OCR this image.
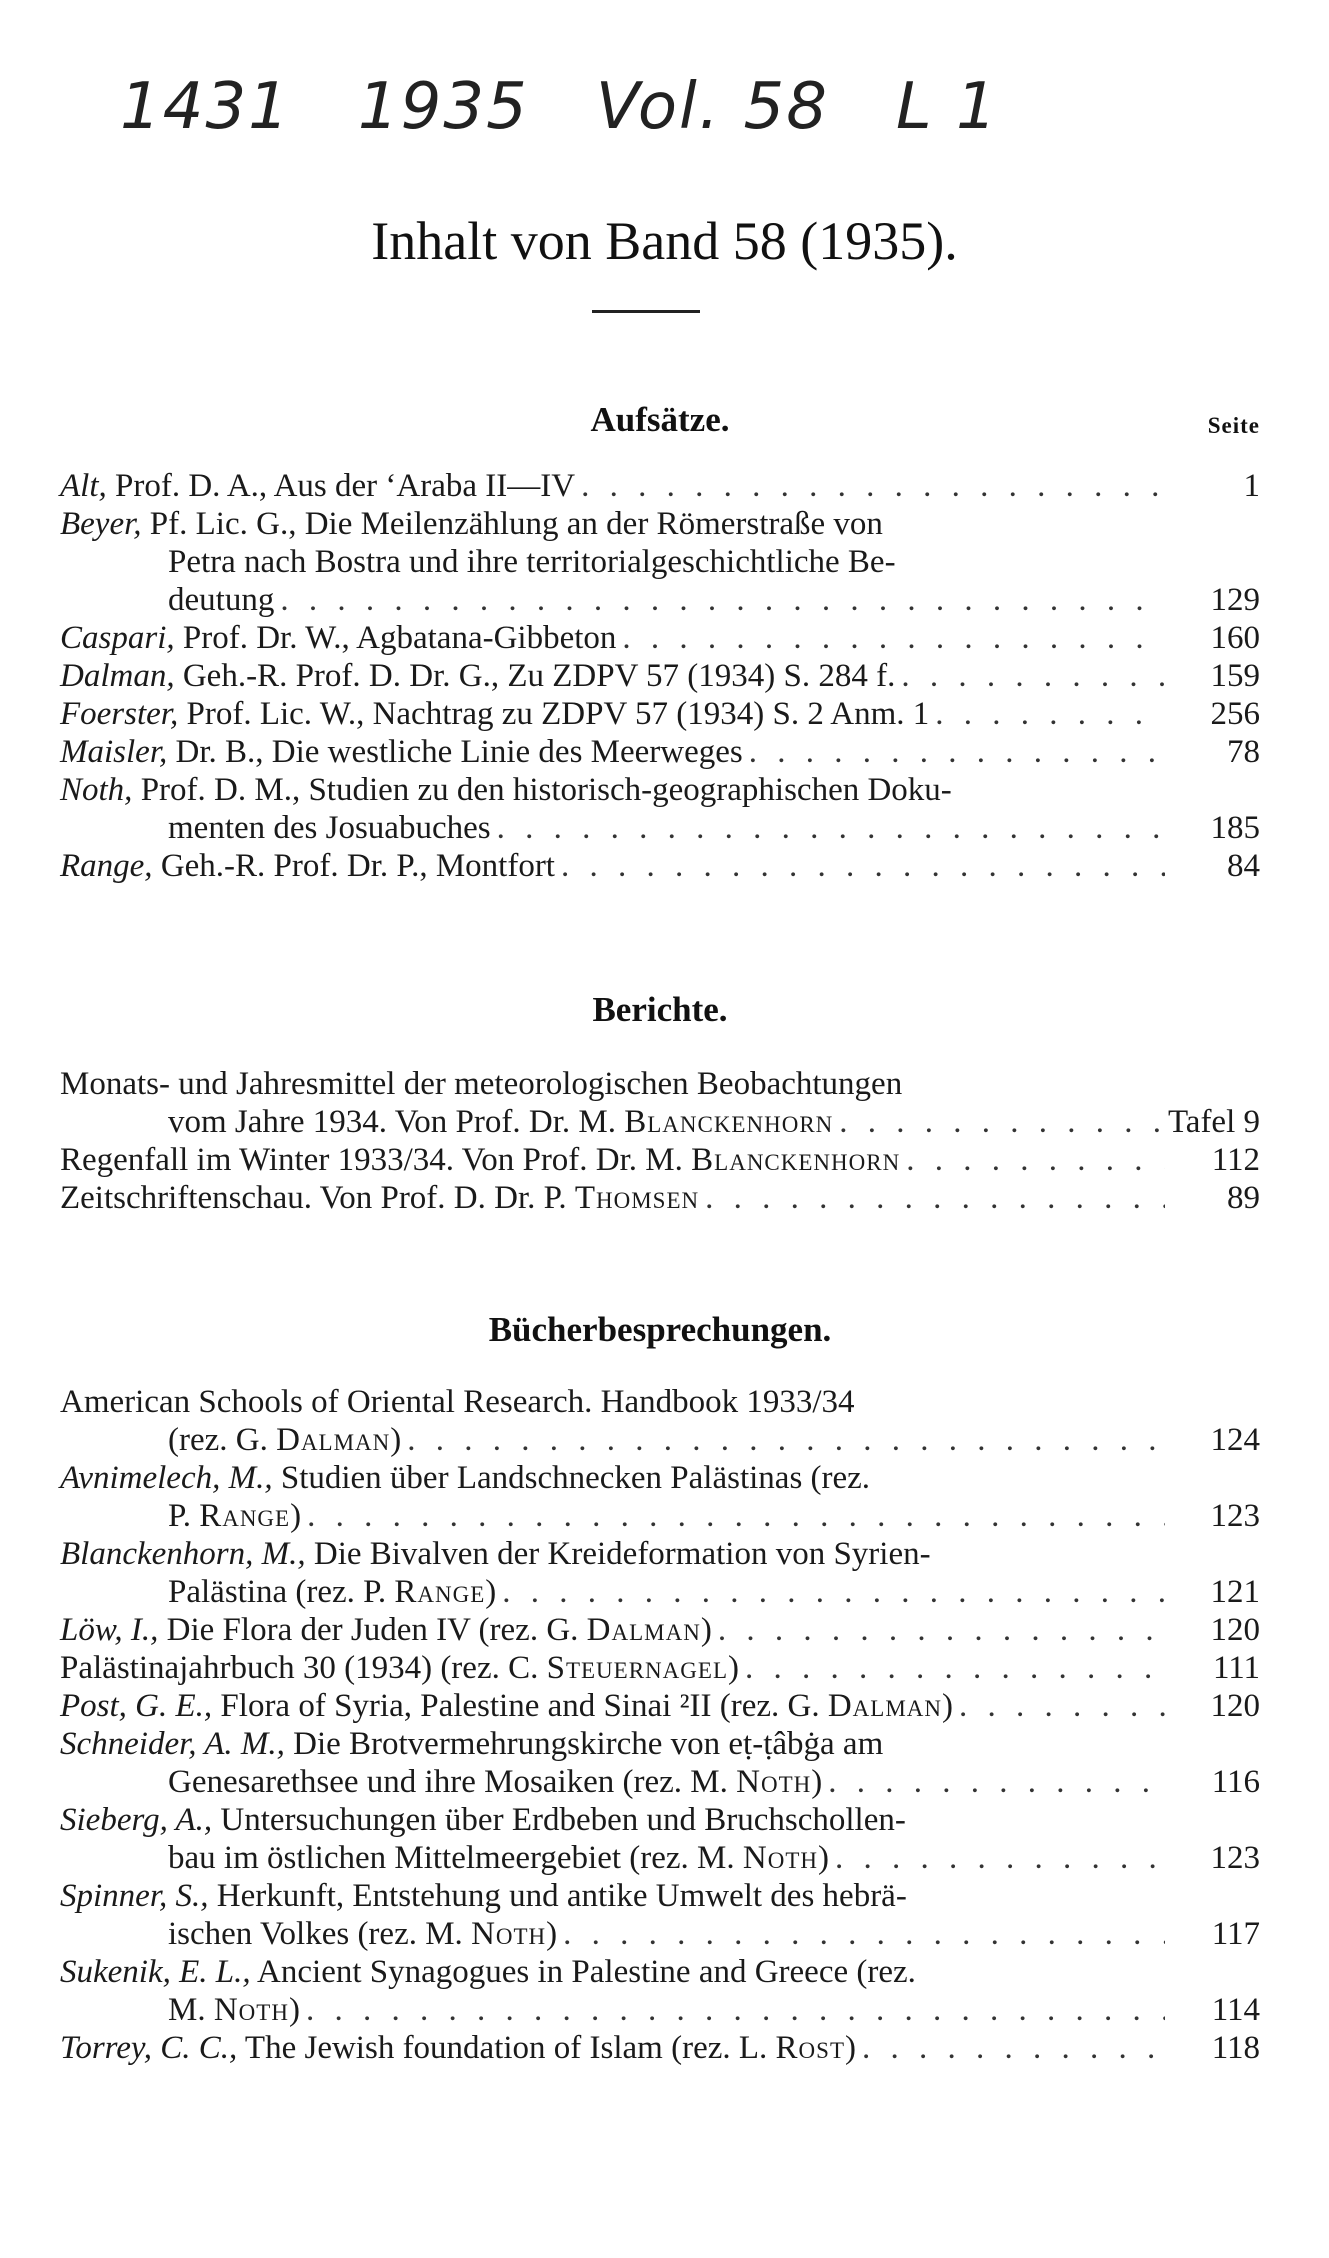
1431   1935   Vol. 58   L 1
Inhalt von Band 58 (1935).
Aufsätze.	Seite
Alt, Prof. D. A., Aus der ʻAraba II—IV . . .	1
Beyer, Pf. Lic. G., Die Meilenzählung an der Römerstraße von
Petra nach Bostra und ihre territorialgeschichtliche Be-
deutung . . .	129
Caspari, Prof. Dr. W., Agbatana-Gibbeton . . .	160
Dalman, Geh.-R. Prof. D. Dr. G., Zu ZDPV 57 (1934) S. 284 f. . . .	159
Foerster, Prof. Lic. W., Nachtrag zu ZDPV 57 (1934) S. 2 Anm. 1 . . .	256
Maisler, Dr. B., Die westliche Linie des Meerweges . . .	78
Noth, Prof. D. M., Studien zu den historisch-geographischen Doku-
menten des Josuabuches . . .	185
Range, Geh.-R. Prof. Dr. P., Montfort . . .	84
Berichte.
Monats- und Jahresmittel der meteorologischen Beobachtungen
vom Jahre 1934. Von Prof. Dr. M. Blanckenhorn
. . .	Tafel 9
Regenfall im Winter 1933/34. Von Prof. Dr. M. Blanckenhorn . . .	112
Zeitschriftenschau. Von Prof. D. Dr. P. Thomsen . . .	89
Bücherbesprechungen.
American Schools of Oriental Research. Handbook 1933/34
(rez. G. Dalman) . . .	124
Avnimelech, M., Studien über Landschnecken Palästinas (rez.
P. Range) . . .	123
Blanckenhorn, M., Die Bivalven der Kreideformation von Syrien-
Palästina (rez. P. Range) . . .	121
Löw, I., Die Flora der Juden IV (rez. G. Dalman) . . .	120
Palästinajahrbuch 30 (1934) (rez. C. Steuernagel) . . .	111
Post, G. E., Flora of Syria, Palestine and Sinai ²II (rez. G. Dalman) . . .	120
Schneider, A. M., Die Brotvermehrungskirche von eṭ-ṭâbġa am
Genesarethsee und ihre Mosaiken (rez. M. Noth) . . .	116
Sieberg, A., Untersuchungen über Erdbeben und Bruchschollen-
bau im östlichen Mittelmeergebiet (rez. M. Noth) . . .	123
Spinner, S., Herkunft, Entstehung und antike Umwelt des hebrä-
ischen Volkes (rez. M. Noth) . . .	117
Sukenik, E. L., Ancient Synagogues in Palestine and Greece (rez.
M. Noth) . . .	114
Torrey, C. C., The Jewish foundation of Islam (rez. L. Rost) . . .	118
